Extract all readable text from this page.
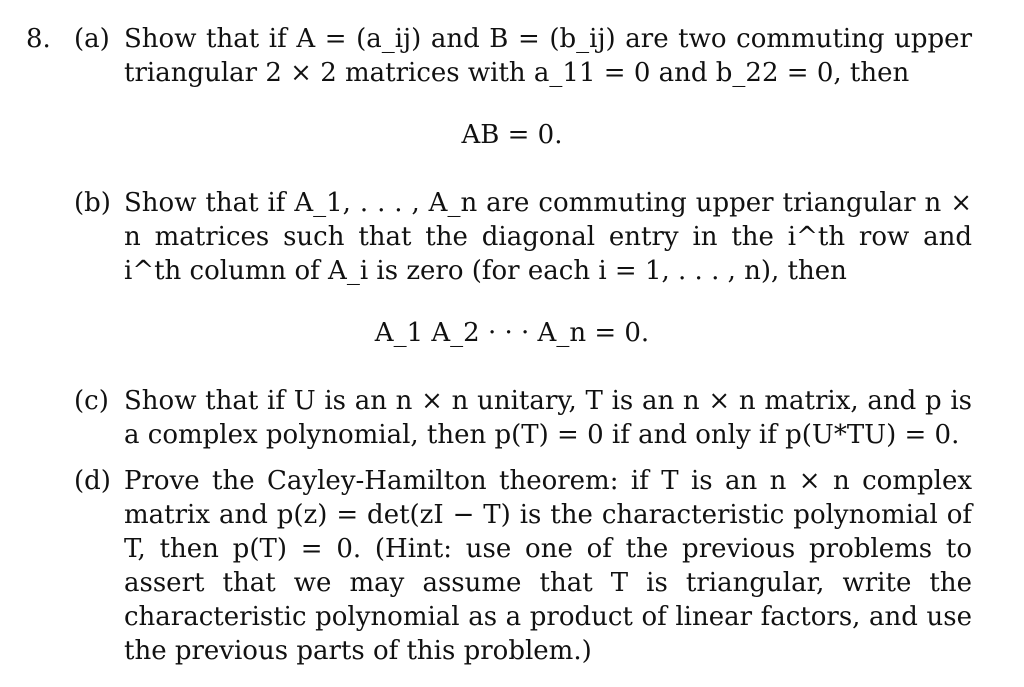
8. (a) Show that if A = (a_ij) and B = (b_ij) are two commuting upper triangular 2 × 2 matrices with a_11 = 0 and b_22 = 0, then
AB = 0.
(b) Show that if A_1, . . . , A_n are commuting upper triangular n × n matrices such that the diagonal entry in the i^th row and i^th column of A_i is zero (for each i = 1, . . . , n), then
A_1 A_2 · · · A_n = 0.
(c) Show that if U is an n × n unitary, T is an n × n matrix, and p is a complex polynomial, then p(T) = 0 if and only if p(U*TU) = 0.
(d) Prove the Cayley-Hamilton theorem: if T is an n × n complex matrix and p(z) = det(zI − T) is the characteristic polynomial of T, then p(T) = 0. (Hint: use one of the previous problems to assert that we may assume that T is triangular, write the characteristic polynomial as a product of linear factors, and use the previous parts of this problem.)
